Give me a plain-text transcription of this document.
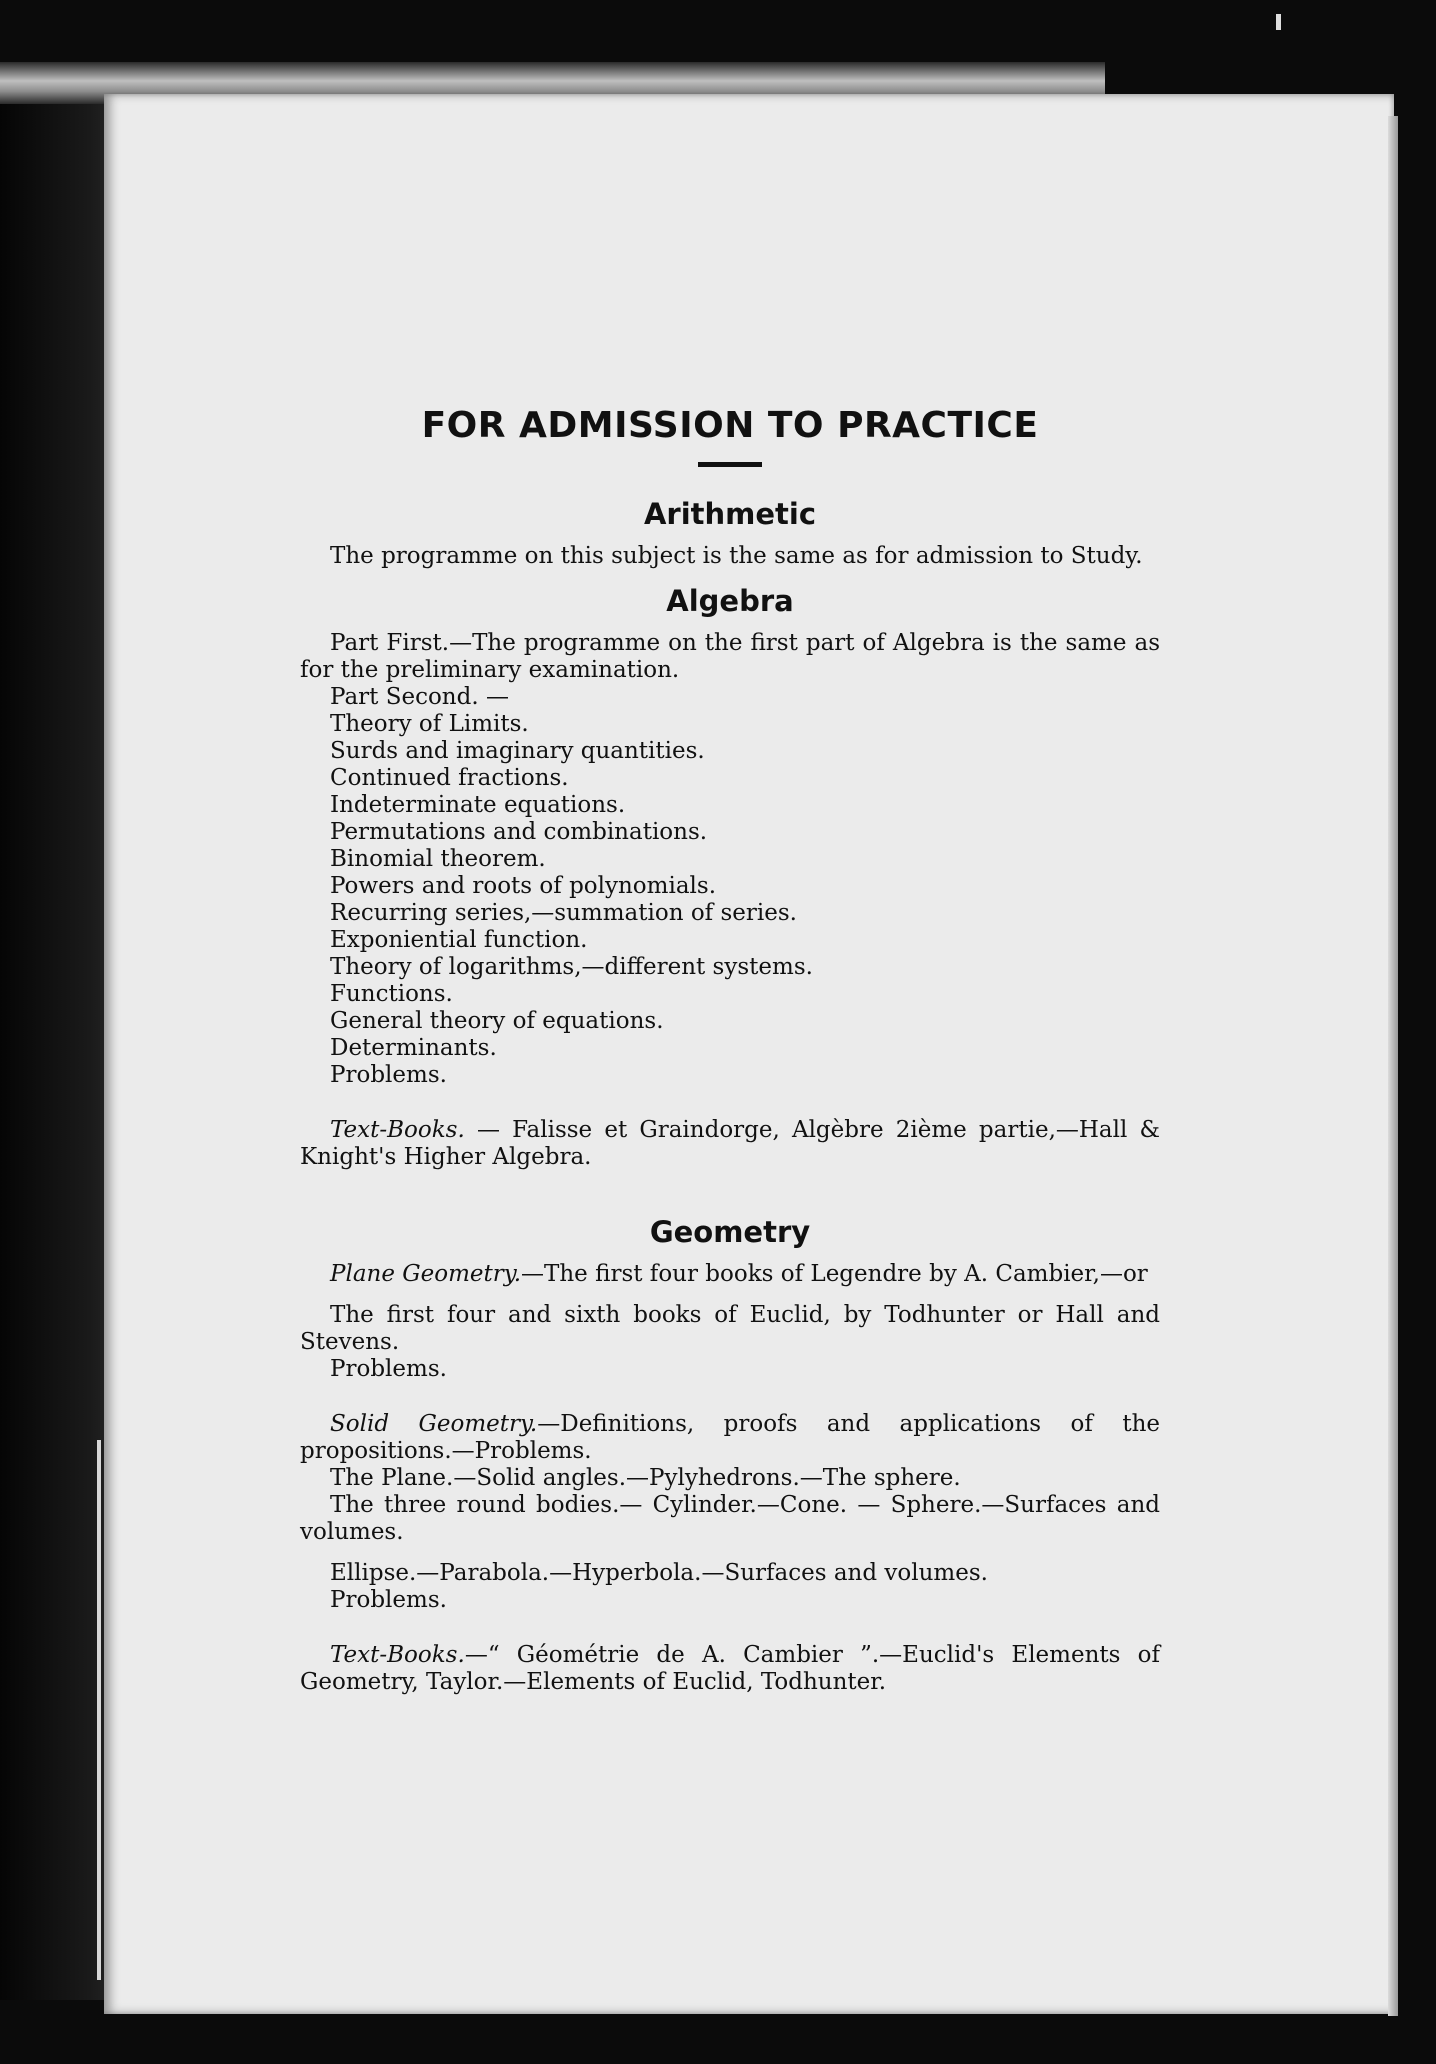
FOR ADMISSION TO PRACTICE
Arithmetic

The programme on this subject is the same as for admission to Study.

Algebra

Part First.—The programme on the first part of Algebra is the same as for the preliminary examination.

Part Second. —
Theory of Limits.
Surds and imaginary quantities.
Continued fractions.
Indeterminate equations.
Permutations and combinations.
Binomial theorem.
Powers and roots of polynomials.
Recurring series,—summation of series.
Exponiential function.
Theory of logarithms,—different systems.
Functions.
General theory of equations.
Determinants.
Problems.

Text-Books. — Falisse et Graindorge, Algèbre 2ième partie,—Hall & Knight's Higher Algebra.

Geometry

Plane Geometry.—The first four books of Legendre by A. Cambier,—or

The first four and sixth books of Euclid, by Todhunter or Hall and Stevens.

Problems.

Solid Geometry.—Definitions, proofs and applications of the propositions.—Problems.

The Plane.—Solid angles.—Pylyhedrons.—The sphere.

The three round bodies.— Cylinder.—Cone. — Sphere.—Surfaces and volumes.

Ellipse.—Parabola.—Hyperbola.—Surfaces and volumes.
Problems.

Text-Books.—“ Géométrie de A. Cambier ”.—Euclid's Elements of Geometry, Taylor.—Elements of Euclid, Todhunter.
